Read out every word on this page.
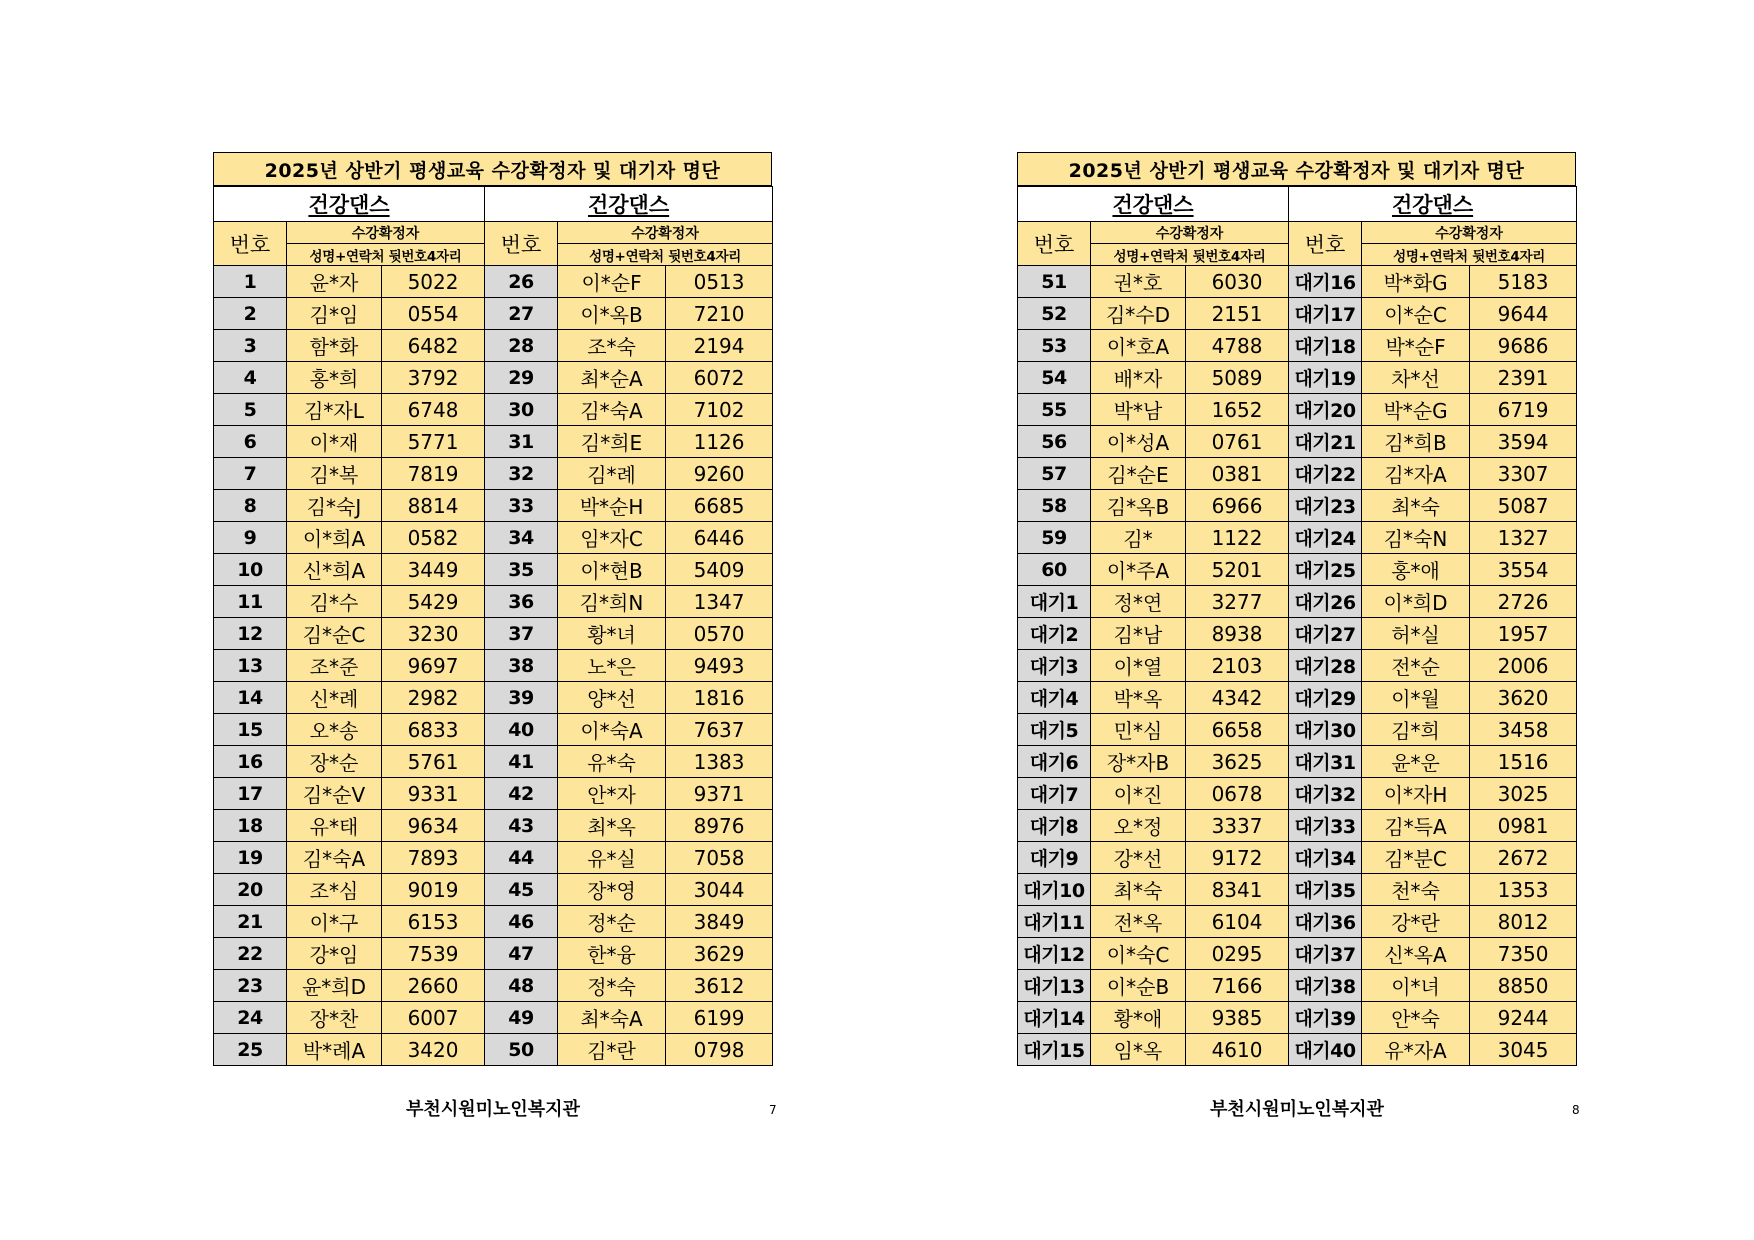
2025년 상반기 평생교육 수강확정자 및 대기자 명단
건강댄스			건강댄스		
번호	수강확정자		번호	수강확정자	
	성명+연락처 뒷번호4자리			성명+연락처 뒷번호4자리	
1	윤*자	5022	26	이*순F	0513
2	김*임	0554	27	이*옥B	7210
3	함*화	6482	28	조*숙	2194
4	홍*희	3792	29	최*순A	6072
5	김*자L	6748	30	김*숙A	7102
6	이*재	5771	31	김*희E	1126
7	김*복	7819	32	김*례	9260
8	김*숙J	8814	33	박*순H	6685
9	이*희A	0582	34	임*자C	6446
10	신*희A	3449	35	이*현B	5409
11	김*수	5429	36	김*희N	1347
12	김*순C	3230	37	황*녀	0570
13	조*준	9697	38	노*은	9493
14	신*례	2982	39	양*선	1816
15	오*송	6833	40	이*숙A	7637
16	장*순	5761	41	유*숙	1383
17	김*순V	9331	42	안*자	9371
18	유*태	9634	43	최*옥	8976
19	김*숙A	7893	44	유*실	7058
20	조*심	9019	45	장*영	3044
21	이*구	6153	46	정*순	3849
22	강*임	7539	47	한*융	3629
23	윤*희D	2660	48	정*숙	3612
24	장*찬	6007	49	최*숙A	6199
25	박*례A	3420	50	김*란	0798
부천시원미노인복지관	7
2025년 상반기 평생교육 수강확정자 및 대기자 명단
건강댄스			건강댄스		
번호	수강확정자		번호	수강확정자	
	성명+연락처 뒷번호4자리			성명+연락처 뒷번호4자리	
51	권*호	6030	대기16	박*화G	5183
52	김*수D	2151	대기17	이*순C	9644
53	이*호A	4788	대기18	박*순F	9686
54	배*자	5089	대기19	차*선	2391
55	박*남	1652	대기20	박*순G	6719
56	이*성A	0761	대기21	김*희B	3594
57	김*순E	0381	대기22	김*자A	3307
58	김*옥B	6966	대기23	최*숙	5087
59	김*	1122	대기24	김*숙N	1327
60	이*주A	5201	대기25	홍*애	3554
대기1	정*연	3277	대기26	이*희D	2726
대기2	김*남	8938	대기27	허*실	1957
대기3	이*열	2103	대기28	전*순	2006
대기4	박*옥	4342	대기29	이*월	3620
대기5	민*심	6658	대기30	김*희	3458
대기6	장*자B	3625	대기31	윤*운	1516
대기7	이*진	0678	대기32	이*자H	3025
대기8	오*정	3337	대기33	김*득A	0981
대기9	강*선	9172	대기34	김*분C	2672
대기10	최*숙	8341	대기35	천*숙	1353
대기11	전*옥	6104	대기36	강*란	8012
대기12	이*숙C	0295	대기37	신*옥A	7350
대기13	이*순B	7166	대기38	이*녀	8850
대기14	황*애	9385	대기39	안*숙	9244
대기15	임*옥	4610	대기40	유*자A	3045
부천시원미노인복지관	8
